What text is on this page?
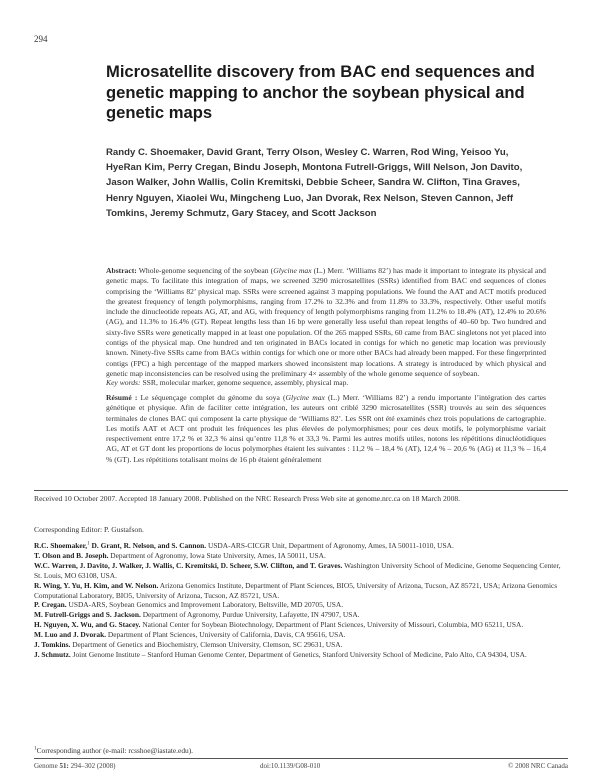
294
Microsatellite discovery from BAC end sequences and genetic mapping to anchor the soybean physical and genetic maps
Randy C. Shoemaker, David Grant, Terry Olson, Wesley C. Warren, Rod Wing, Yeisoo Yu, HyeRan Kim, Perry Cregan, Bindu Joseph, Montona Futrell-Griggs, Will Nelson, Jon Davito, Jason Walker, John Wallis, Colin Kremitski, Debbie Scheer, Sandra W. Clifton, Tina Graves, Henry Nguyen, Xiaolei Wu, Mingcheng Luo, Jan Dvorak, Rex Nelson, Steven Cannon, Jeff Tomkins, Jeremy Schmutz, Gary Stacey, and Scott Jackson
Abstract: Whole-genome sequencing of the soybean (Glycine max (L.) Merr. ‘Williams 82’) has made it important to integrate its physical and genetic maps. To facilitate this integration of maps, we screened 3290 microsatellites (SSRs) identified from BAC end sequences of clones comprising the ‘Williams 82’ physical map. SSRs were screened against 3 mapping populations. We found the AAT and ACT motifs produced the greatest frequency of length polymorphisms, ranging from 17.2% to 32.3% and from 11.8% to 33.3%, respectively. Other useful motifs include the dinucleotide repeats AG, AT, and AG, with frequency of length polymorphisms ranging from 11.2% to 18.4% (AT), 12.4% to 20.6% (AG), and 11.3% to 16.4% (GT). Repeat lengths less than 16 bp were generally less useful than repeat lengths of 40–60 bp. Two hundred and sixty-five SSRs were genetically mapped in at least one population. Of the 265 mapped SSRs, 60 came from BAC singletons not yet placed into contigs of the physical map. One hundred and ten originated in BACs located in contigs for which no genetic map location was previously known. Ninety-five SSRs came from BACs within contigs for which one or more other BACs had already been mapped. For these fingerprinted contigs (FPC) a high percentage of the mapped markers showed inconsistent map locations. A strategy is introduced by which physical and genetic map inconsistencies can be resolved using the preliminary 4× assembly of the whole genome sequence of soybean.
Key words: SSR, molecular marker, genome sequence, assembly, physical map.
Résumé : Le séquençage complet du génome du soya (Glycine max (L.) Merr. ‘Williams 82’) a rendu importante l’intégration des cartes génétique et physique. Afin de faciliter cette intégration, les auteurs ont criblé 3290 microsatellites (SSR) trouvés au sein des séquences terminales de clones BAC qui composent la carte physique de ‘Williams 82’. Les SSR ont été examinés chez trois populations de cartographie. Les motifs AAT et ACT ont produit les fréquences les plus élevées de polymorphismes; pour ces deux motifs, le polymorphisme variait respectivement entre 17,2 % et 32,3 % ainsi qu’entre 11,8 % et 33,3 %. Parmi les autres motifs utiles, notons les répétitions dinucléotidiques AG, AT et GT dont les proportions de locus polymorphes étaient les suivantes : 11,2 % – 18,4 % (AT), 12,4 % – 20,6 % (AG) et 11,3 % – 16,4 % (GT). Les répétitions totalisant moins de 16 pb étaient généralement
Received 10 October 2007. Accepted 18 January 2008. Published on the NRC Research Press Web site at genome.nrc.ca on 18 March 2008.
Corresponding Editor: P. Gustafson.

R.C. Shoemaker,$^1$ D. Grant, R. Nelson, and S. Cannon. USDA-ARS-CICGR Unit, Department of Agronomy, Ames, IA 50011-1010, USA.

T. Olson and B. Joseph. Department of Agronomy, Iowa State University, Ames, IA 50011, USA.

W.C. Warren, J. Davito, J. Walker, J. Wallis, C. Kremitski, D. Scheer, S.W. Clifton, and T. Graves. Washington University School of Medicine, Genome Sequencing Center, St. Louis, MO 63108, USA.

R. Wing, Y. Yu, H. Kim, and W. Nelson. Arizona Genomics Institute, Department of Plant Sciences, BIO5, University of Arizona, Tucson, AZ 85721, USA; Arizona Genomics Computational Laboratory, BIO5, University of Arizona, Tucson, AZ 85721, USA.

P. Cregan. USDA-ARS, Soybean Genomics and Improvement Laboratory, Beltsville, MD 20705, USA.

M. Futrell-Griggs and S. Jackson. Department of Agronomy, Purdue University, Lafayette, IN 47907, USA.

H. Nguyen, X. Wu, and G. Stacey. National Center for Soybean Biotechnology, Department of Plant Sciences, University of Missouri, Columbia, MO 65211, USA.

M. Luo and J. Dvorak. Department of Plant Sciences, University of California, Davis, CA 95616, USA.

J. Tomkins. Department of Genetics and Biochemistry, Clemson University, Clemson, SC 29631, USA.

J. Schmutz. Joint Genome Institute – Stanford Human Genome Center, Department of Genetics, Stanford University School of Medicine, Palo Alto, CA 94304, USA.

$^1$Corresponding author (e-mail: rcsshoe@iastate.edu).
Genome 51: 294–302 (2008)	doi:10.1139/G08-010	© 2008 NRC Canada
